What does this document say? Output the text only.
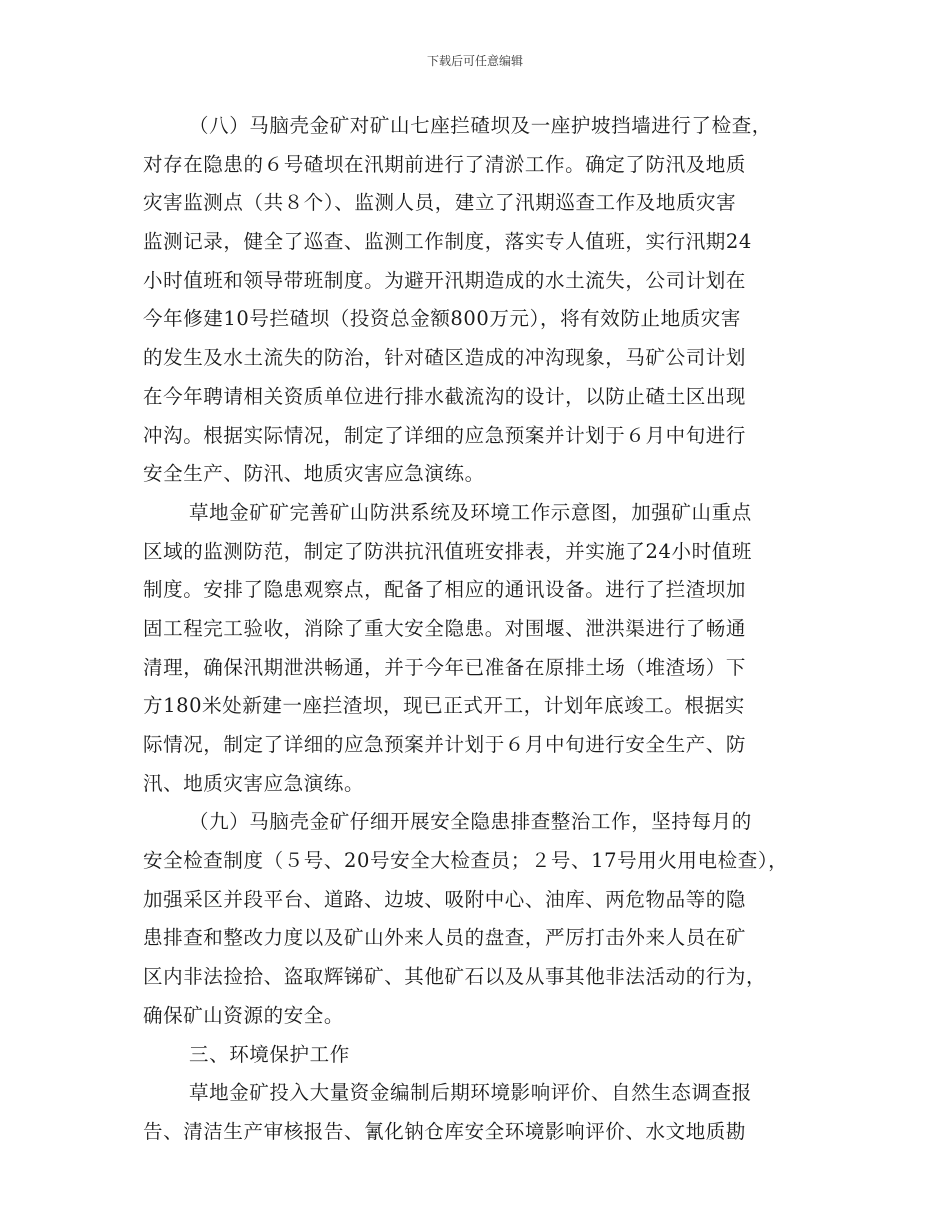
下载后可任意编辑
（八）马脑壳金矿对矿山七座拦碴坝及一座护坡挡墙进行了检查，
对存在隐患的６号碴坝在汛期前进行了清淤工作。确定了防汛及地质
灾害监测点（共８个）、监测人员，建立了汛期巡查工作及地质灾害
监测记录，健全了巡查、监测工作制度，落实专人值班，实行汛期24
小时值班和领导带班制度。为避开汛期造成的水土流失，公司计划在
今年修建10号拦碴坝（投资总金额800万元），将有效防止地质灾害
的发生及水土流失的防治，针对碴区造成的冲沟现象，马矿公司计划
在今年聘请相关资质单位进行排水截流沟的设计，以防止碴土区出现
冲沟。根据实际情况，制定了详细的应急预案并计划于６月中旬进行
安全生产、防汛、地质灾害应急演练。
草地金矿矿完善矿山防洪系统及环境工作示意图，加强矿山重点
区域的监测防范，制定了防洪抗汛值班安排表，并实施了24小时值班
制度。安排了隐患观察点，配备了相应的通讯设备。进行了拦渣坝加
固工程完工验收，消除了重大安全隐患。对围堰、泄洪渠进行了畅通
清理，确保汛期泄洪畅通，并于今年已准备在原排土场（堆渣场）下
方180米处新建一座拦渣坝，现已正式开工，计划年底竣工。根据实
际情况，制定了详细的应急预案并计划于６月中旬进行安全生产、防
汛、地质灾害应急演练。
（九）马脑壳金矿仔细开展安全隐患排查整治工作，坚持每月的
安全检查制度（５号、20号安全大检查员；２号、17号用火用电检查），
加强采区并段平台、道路、边坡、吸附中心、油库、两危物品等的隐
患排查和整改力度以及矿山外来人员的盘查，严厉打击外来人员在矿
区内非法捡拾、盗取辉锑矿、其他矿石以及从事其他非法活动的行为，
确保矿山资源的安全。
三、环境保护工作
草地金矿投入大量资金编制后期环境影响评价、自然生态调查报
告、清洁生产审核报告、氰化钠仓库安全环境影响评价、水文地质勘
